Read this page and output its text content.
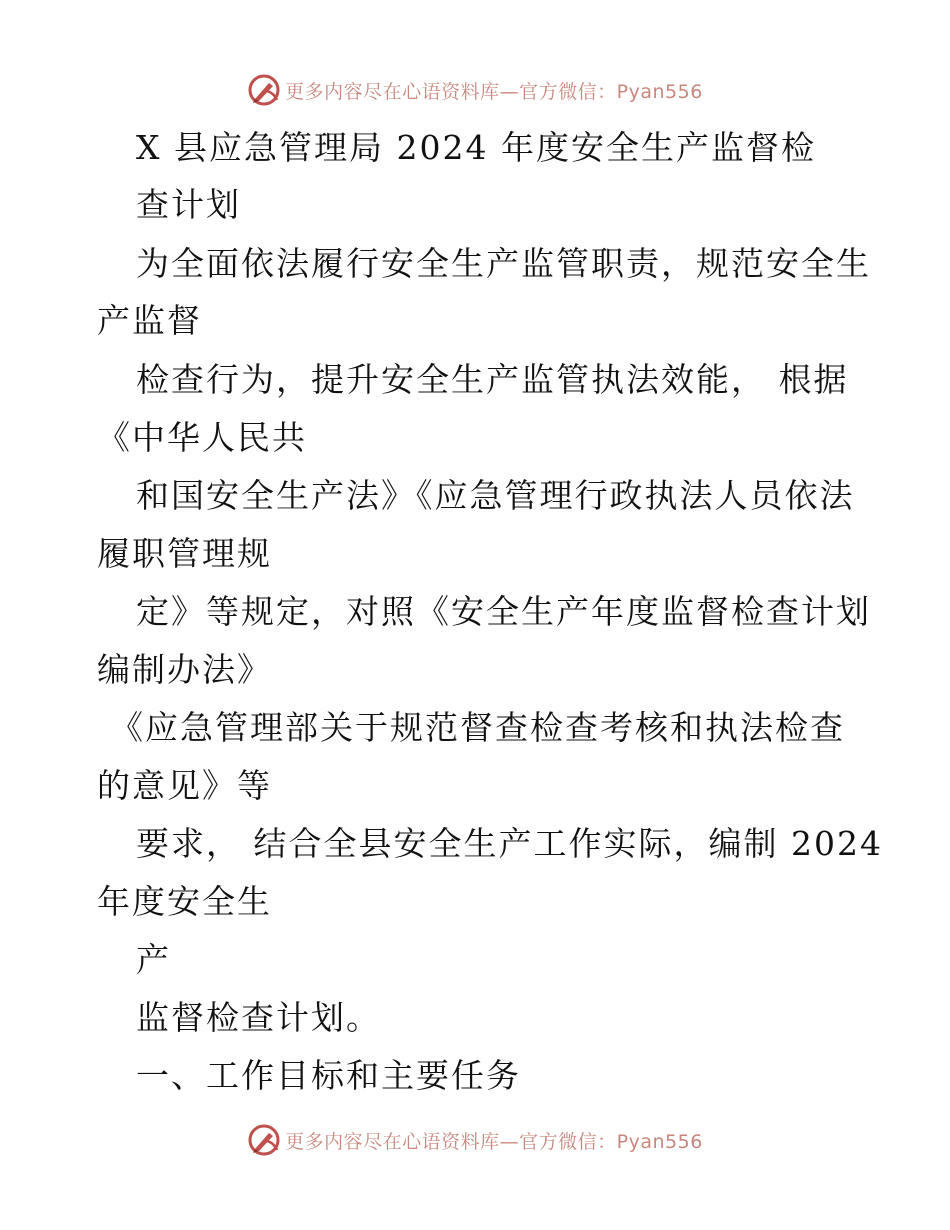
更多内容尽在心语资料库—官方微信：Pyan556
X 县应急管理局 2024 年度安全生产监督检
查计划
为全面依法履行安全生产监管职责，规范安全生
产监督
检查行为，提升安全生产监管执法效能， 根据
《中华人民共
和国安全生产法》《应急管理行政执法人员依法
履职管理规
定》等规定，对照《安全生产年度监督检查计划
编制办法》
《应急管理部关于规范督查检查考核和执法检查
的意见》等
要求， 结合全县安全生产工作实际，编制 2024
年度安全生
产
监督检查计划。
一、工作目标和主要任务
更多内容尽在心语资料库—官方微信：Pyan556
